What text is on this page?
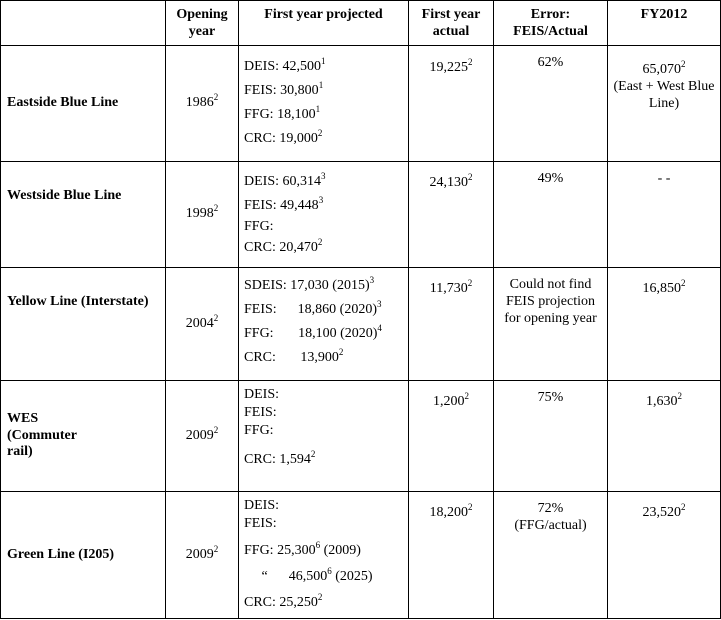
	Opening year	First year projected	First year actual	Error: FEIS/Actual	FY2012
Eastside Blue Line	1986$^2$	DEIS: 42,500$^1$
FEIS: 30,800$^1$
FFG: 18,100$^1$
CRC: 19,000$^2$	19,225$^2$	62%	65,070$^2$
(East + West Blue Line)
Westside Blue Line	1998$^2$	DEIS: 60,314$^3$
FEIS: 49,448$^3$
FFG:
CRC: 20,470$^2$	24,130$^2$	49%	- -
Yellow Line (Interstate)	2004$^2$	SDEIS: 17,030 $(2015)^3$
FEIS:      18,860 $(2020)^3$
FFG:       18,100 $(2020)^4$
CRC:       13,900$^2$	11,730$^2$	Could not find FEIS projection for opening year	16,850$^2$
WES (Commuter rail)	2009$^2$	DEIS:
FEIS:
FFG:
CRC: 1,594$^2$	1,200$^2$	75%	1,630$^2$
Green Line (I205)	2009$^2$	DEIS:
FEIS:
FFG: 25,300$^6$ (2009)
“      46,500$^6$ (2025)
CRC: 25,250$^2$	18,200$^2$	72% (FFG/actual)	23,520$^2$
